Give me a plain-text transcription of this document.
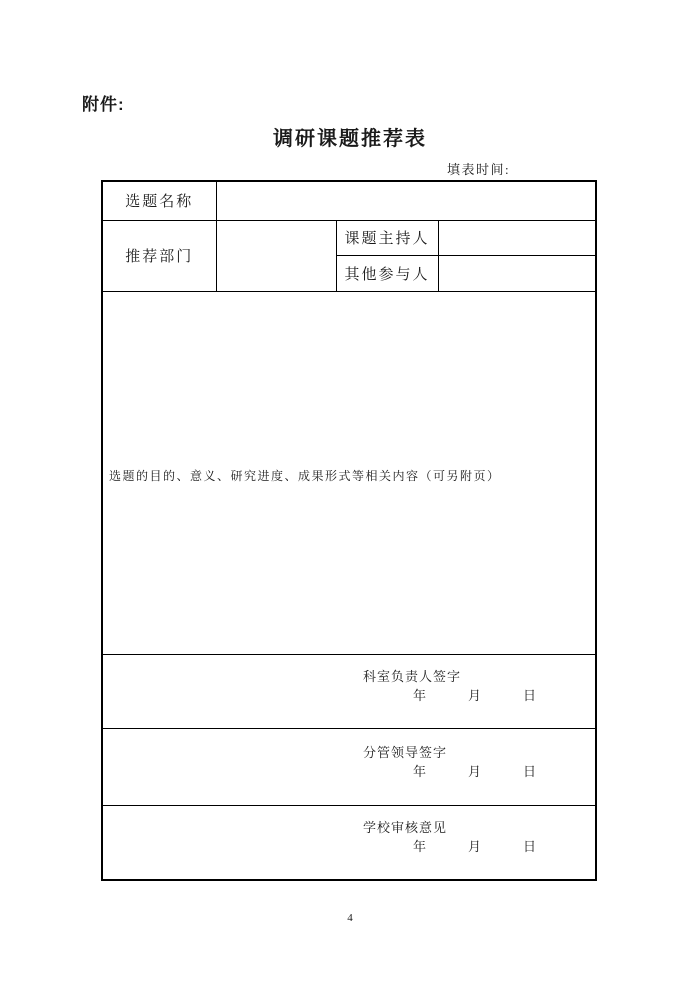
附件:
调研课题推荐表
填表时间:
选题名称			
推荐部门		课题主持人	
		其他参与人	

选题的目的、意义、研究进度、成果形式等相关内容（可另附页）			

科室负责人签字
年 月 日			

分管领导签字
年 月 日			

学校审核意见
年 月 日			
4
